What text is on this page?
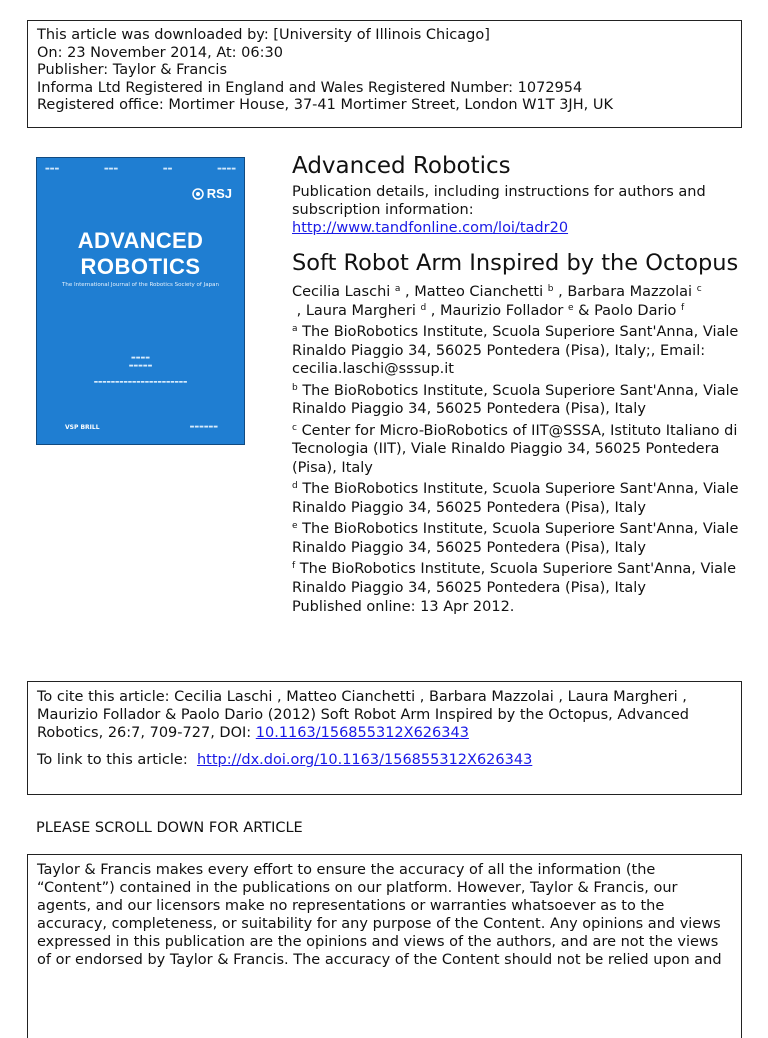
This article was downloaded by: [University of Illinois Chicago]
On: 23 November 2014, At: 06:30
Publisher: Taylor & Francis
Informa Ltd Registered in England and Wales Registered Number: 1072954
Registered office: Mortimer House, 37-41 Mortimer Street, London W1T 3JH, UK
▬▬▬	▬▬▬	▬▬	▬▬▬▬
RSJ
ADVANCED
ROBOTICS
The International Journal of the Robotics Society of Japan
▬▬▬▬
▬▬▬▬▬
▬▬▬▬▬▬▬▬▬▬▬▬▬▬▬▬▬▬▬▬▬▬
VSP BRILL	▬▬▬▬▬▬
Advanced Robotics
Publication details, including instructions for authors and subscription information:
http://www.tandfonline.com/loi/tadr20
Soft Robot Arm Inspired by the Octopus
Cecilia Laschi $^a$ , Matteo Cianchetti $^b$ , Barbara Mazzolai $^c$ , Laura Margheri $^d$ , Maurizio Follador $^e$ & Paolo Dario $^f$
$^a$ The BioRobotics Institute, Scuola Superiore Sant'Anna, Viale Rinaldo Piaggio 34, 56025 Pontedera (Pisa), Italy;, Email: cecilia.laschi@sssup.it
$^b$ The BioRobotics Institute, Scuola Superiore Sant'Anna, Viale Rinaldo Piaggio 34, 56025 Pontedera (Pisa), Italy
$^c$ Center for Micro-BioRobotics of IIT@SSSA, Istituto Italiano di Tecnologia (IIT), Viale Rinaldo Piaggio 34, 56025 Pontedera (Pisa), Italy
$^d$ The BioRobotics Institute, Scuola Superiore Sant'Anna, Viale Rinaldo Piaggio 34, 56025 Pontedera (Pisa), Italy
$^e$ The BioRobotics Institute, Scuola Superiore Sant'Anna, Viale Rinaldo Piaggio 34, 56025 Pontedera (Pisa), Italy
$^f$ The BioRobotics Institute, Scuola Superiore Sant'Anna, Viale Rinaldo Piaggio 34, 56025 Pontedera (Pisa), Italy
Published online: 13 Apr 2012.
To cite this article: Cecilia Laschi , Matteo Cianchetti , Barbara Mazzolai , Laura Margheri , Maurizio Follador & Paolo Dario (2012) Soft Robot Arm Inspired by the Octopus, Advanced Robotics, 26:7, 709-727, DOI: 10.1163/156855312X626343
To link to this article: http://dx.doi.org/10.1163/156855312X626343
PLEASE SCROLL DOWN FOR ARTICLE
Taylor & Francis makes every effort to ensure the accuracy of all the information (the “Content”) contained in the publications on our platform. However, Taylor & Francis, our agents, and our licensors make no representations or warranties whatsoever as to the accuracy, completeness, or suitability for any purpose of the Content. Any opinions and views expressed in this publication are the opinions and views of the authors, and are not the views of or endorsed by Taylor & Francis. The accuracy of the Content should not be relied upon and
